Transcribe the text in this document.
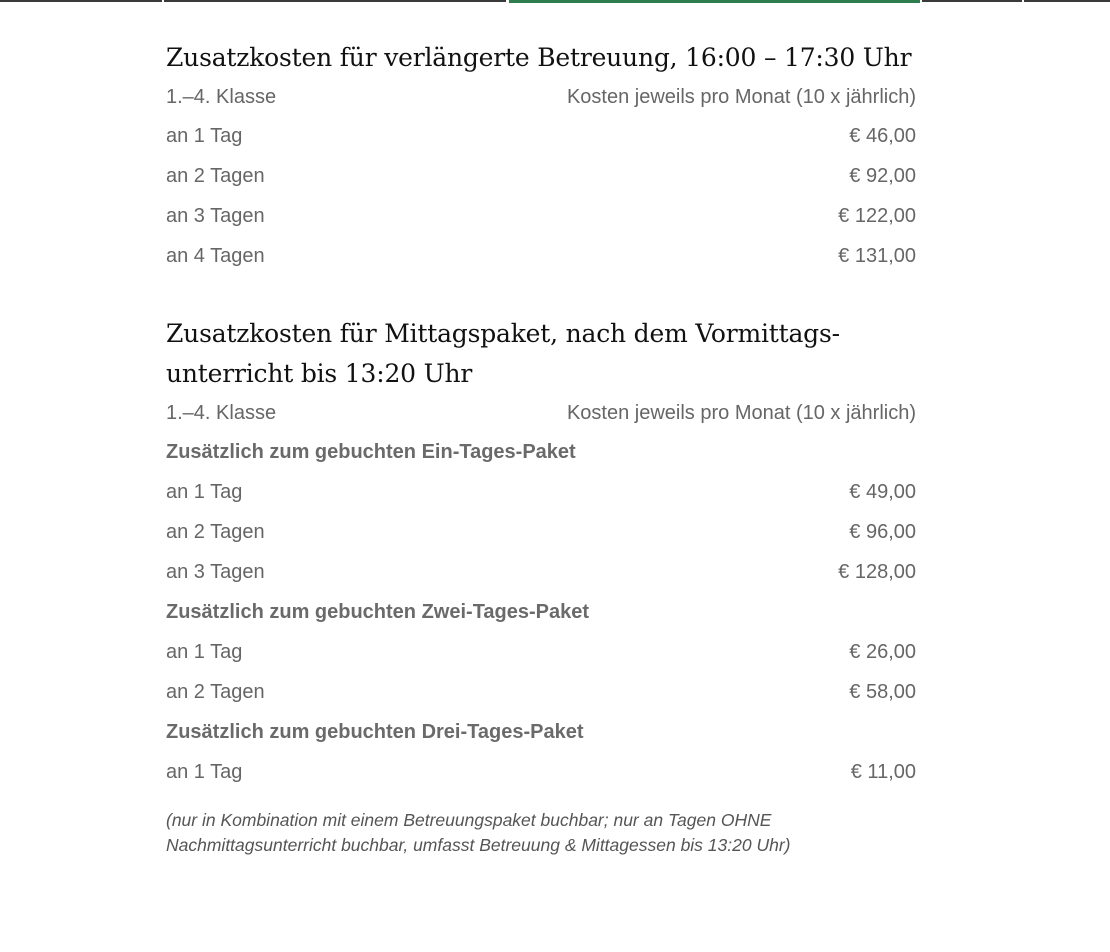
Zusatzkosten für verlängerte Betreuung, 16:00 – 17:30 Uhr
1.–4. Klasse	Kosten jeweils pro Monat (10 x jährlich)
an 1 Tag	€ 46,00
an 2 Tagen	€ 92,00
an 3 Tagen	€ 122,00
an 4 Tagen	€ 131,00
Zusatzkosten für Mittagspaket, nach dem Vormittags-
unterricht bis 13:20 Uhr
1.–4. Klasse	Kosten jeweils pro Monat (10 x jährlich)
Zusätzlich zum gebuchten Ein-Tages-Paket
an 1 Tag	€ 49,00
an 2 Tagen	€ 96,00
an 3 Tagen	€ 128,00
Zusätzlich zum gebuchten Zwei-Tages-Paket
an 1 Tag	€ 26,00
an 2 Tagen	€ 58,00
Zusätzlich zum gebuchten Drei-Tages-Paket
an 1 Tag	€ 11,00
(nur in Kombination mit einem Betreuungspaket buchbar; nur an Tagen OHNE
Nachmittagsunterricht buchbar, umfasst Betreuung & Mittagessen bis 13:20 Uhr)
